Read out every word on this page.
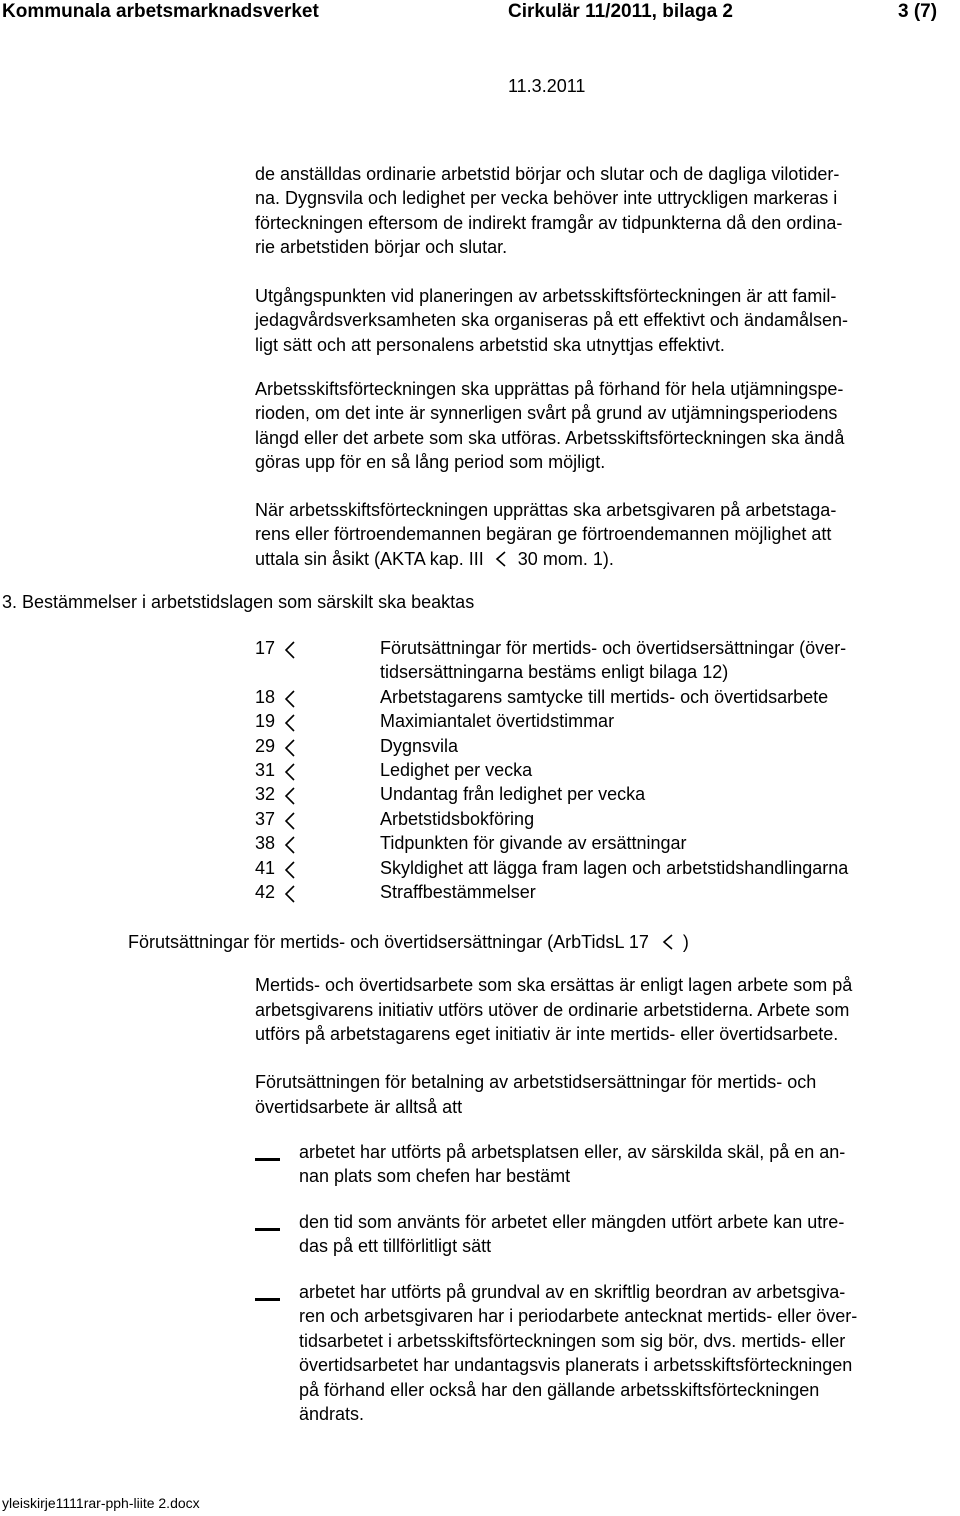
Kommunala arbetsmarknadsverket	Cirkulär 11/2011, bilaga 2	3 (7)
11.3.2011
de anställdas ordinarie arbetstid börjar och slutar och de dagliga vilotider-
na. Dygnsvila och ledighet per vecka behöver inte uttryckligen markeras i
förteckningen eftersom de indirekt framgår av tidpunkterna då den ordina-
rie arbetstiden börjar och slutar.
Utgångspunkten vid planeringen av arbetsskiftsförteckningen är att famil-
jedagvårdsverksamheten ska organiseras på ett effektivt och ändamålsen-
ligt sätt och att personalens arbetstid ska utnyttjas effektivt.
Arbetsskiftsförteckningen ska upprättas på förhand för hela utjämningspe-
rioden, om det inte är synnerligen svårt på grund av utjämningsperiodens
längd eller det arbete som ska utföras. Arbetsskiftsförteckningen ska ändå
göras upp för en så lång period som möjligt.
När arbetsskiftsförteckningen upprättas ska arbetsgivaren på arbetstaga-
rens eller förtroendemannen begäran ge förtroendemannen möjlighet att
uttala sin åsikt (AKTA kap. III 30 mom. 1).
3. Bestämmelser i arbetstidslagen som särskilt ska beaktas
17	Förutsättningar för mertids- och övertidsersättningar (över-
tidsersättningarna bestäms enligt bilaga 12)
18	Arbetstagarens samtycke till mertids- och övertidsarbete
19	Maximiantalet övertidstimmar
29	Dygnsvila
31	Ledighet per vecka
32	Undantag från ledighet per vecka
37	Arbetstidsbokföring
38	Tidpunkten för givande av ersättningar
41	Skyldighet att lägga fram lagen och arbetstidshandlingarna
42	Straffbestämmelser
Förutsättningar för mertids- och övertidsersättningar (ArbTidsL 17 )
Mertids- och övertidsarbete som ska ersättas är enligt lagen arbete som på
arbetsgivarens initiativ utförs utöver de ordinarie arbetstiderna. Arbete som
utförs på arbetstagarens eget initiativ är inte mertids- eller övertidsarbete.
Förutsättningen för betalning av arbetstidsersättningar för mertids- och
övertidsarbete är alltså att
arbetet har utförts på arbetsplatsen eller, av särskilda skäl, på en an-
nan plats som chefen har bestämt
den tid som använts för arbetet eller mängden utfört arbete kan utre-
das på ett tillförlitligt sätt
arbetet har utförts på grundval av en skriftlig beordran av arbetsgiva-
ren och arbetsgivaren har i periodarbete antecknat mertids- eller över-
tidsarbetet i arbetsskiftsförteckningen som sig bör, dvs. mertids- eller
övertidsarbetet har undantagsvis planerats i arbetsskiftsförteckningen
på förhand eller också har den gällande arbetsskiftsförteckningen
ändrats.
yleiskirje1111rar-pph-liite 2.docx
